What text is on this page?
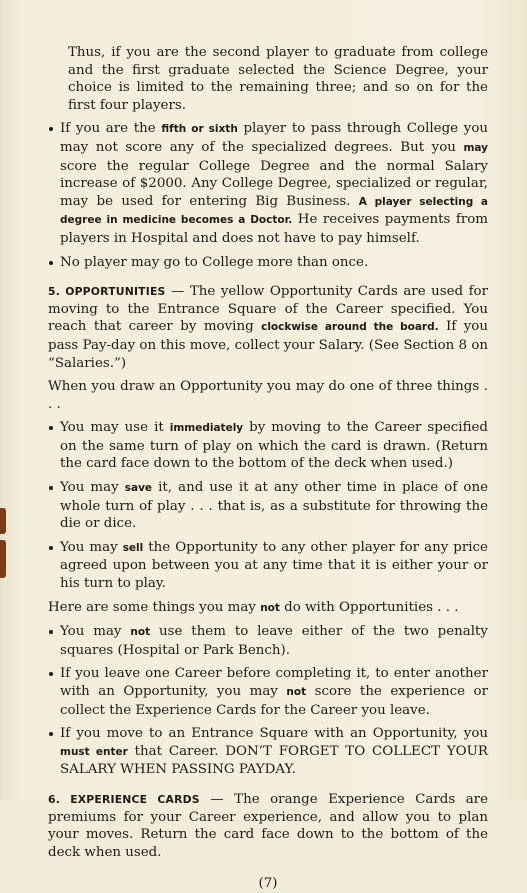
Thus, if you are the second player to graduate from college and the first graduate selected the Science Degree, your choice is limited to the remaining three; and so on for the first four players.

If you are the fifth or sixth player to pass through College you may not score any of the specialized degrees. But you may score the regular College Degree and the normal Salary increase of $2000. Any College Degree, specialized or regular, may be used for entering Big Business. A player selecting a degree in medicine becomes a Doctor. He receives payments from players in Hospital and does not have to pay himself.

No player may go to College more than once.

5. OPPORTUNITIES — The yellow Opportunity Cards are used for moving to the Entrance Square of the Career specified. You reach that career by moving clockwise around the board. If you pass Pay-day on this move, collect your Salary. (See Section 8 on “Salaries.”)

When you draw an Opportunity you may do one of three things . . .

You may use it immediately by moving to the Career specified on the same turn of play on which the card is drawn. (Return the card face down to the bottom of the deck when used.)

You may save it, and use it at any other time in place of one whole turn of play . . . that is, as a substitute for throwing the die or dice.

You may sell the Opportunity to any other player for any price agreed upon between you at any time that it is either your or his turn to play.

Here are some things you may not do with Opportunities . . .

You may not use them to leave either of the two penalty squares (Hospital or Park Bench).

If you leave one Career before completing it, to enter another with an Opportunity, you may not score the experience or collect the Experience Cards for the Career you leave.

If you move to an Entrance Square with an Opportunity, you must enter that Career. DON’T FORGET TO COLLECT YOUR SALARY WHEN PASSING PAYDAY.

6. EXPERIENCE CARDS — The orange Experience Cards are premiums for your Career experience, and allow you to plan your moves. Return the card face down to the bottom of the deck when used.

(7)
